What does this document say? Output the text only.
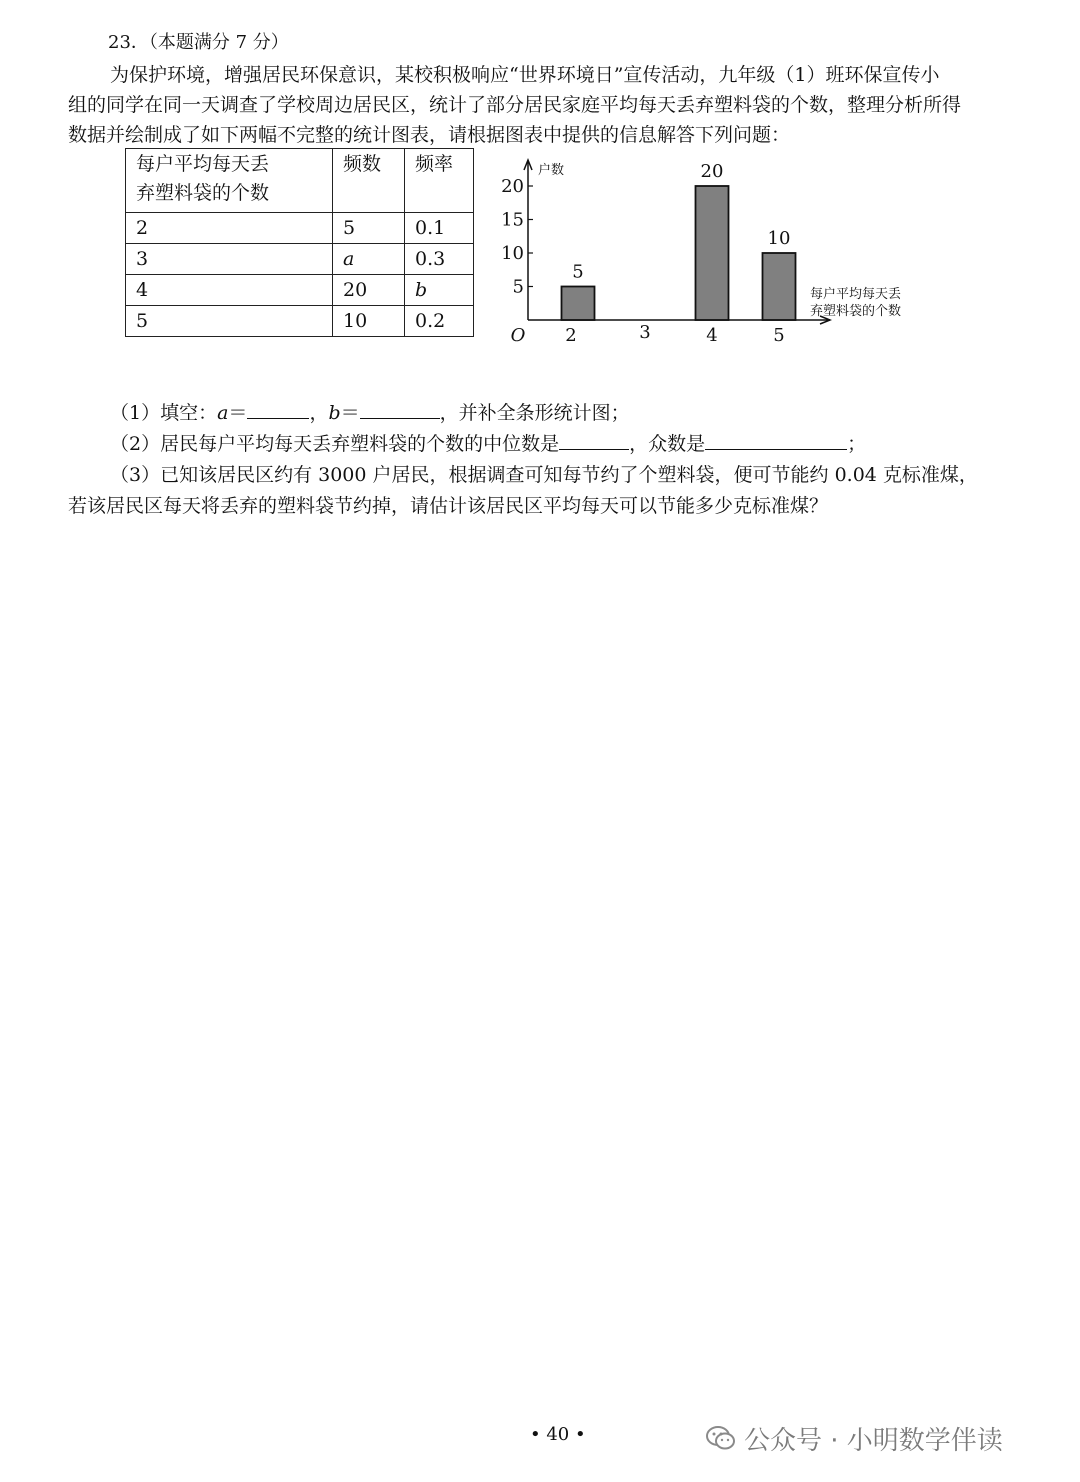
23．（本题满分 7 分）
为保护环境，增强居民环保意识，某校积极响应“世界环境日”宣传活动，九年级（1）班环保宣传小
组的同学在同一天调查了学校周边居民区，统计了部分居民家庭平均每天丢弃塑料袋的个数，整理分析所得
数据并绘制成了如下两幅不完整的统计图表，请根据图表中提供的信息解答下列问题：
每户平均每天丢
弃塑料袋的个数	频数	频率
2	5	0.1
3	a	0.3
4	20	b
5	10	0.2
5
10
15
20
户数
O
每户平均每天丢
弃塑料袋的个数
5
2	3
20
4
10
5
（1）填空：a＝	，b＝	，并补全条形统计图；
（2）居民每户平均每天丢弃塑料袋的个数的中位数是	，众数是	；
（3）已知该居民区约有 3000 户居民，根据调查可知每节约了个塑料袋，便可节能约 0.04 克标准煤，
若该居民区每天将丢弃的塑料袋节约掉，请估计该居民区平均每天可以节能多少克标准煤？
• 40 •	公众号 · 小明数学伴读
